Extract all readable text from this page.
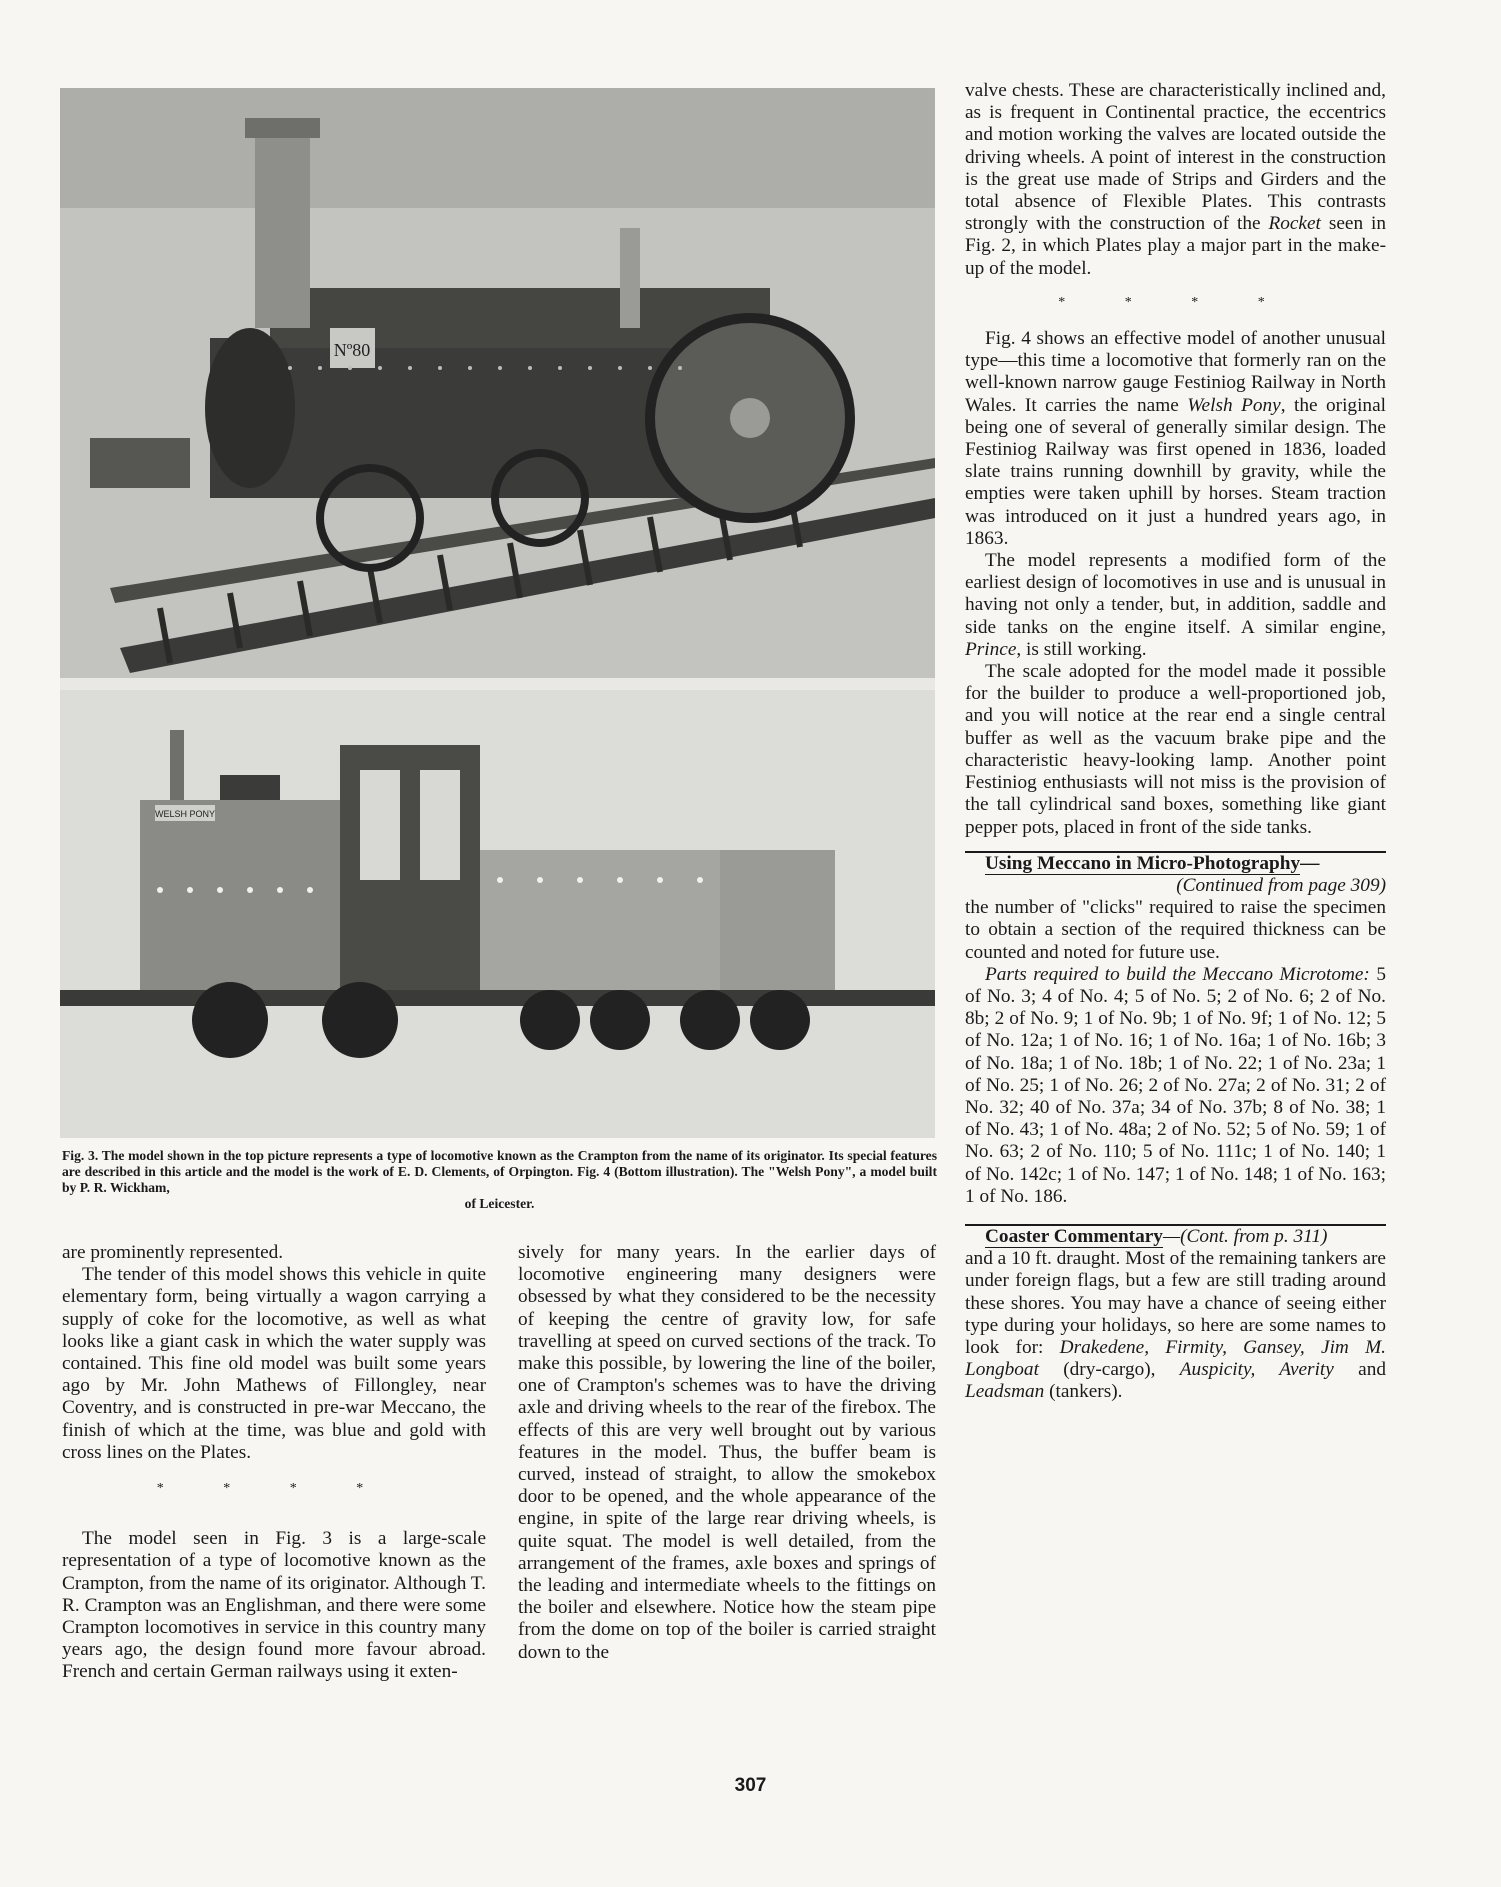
Nº80
WELSH PONY
Fig. 3. The model shown in the top picture represents a type of locomotive known as the Crampton from the name of its originator. Its special features are described in this article and the model is the work of E. D. Clements, of Orpington. Fig. 4 (Bottom illustration). The "Welsh Pony", a model built by P. R. Wickham,
of Leicester.

are prominently represented.

The tender of this model shows this vehicle in quite elementary form, being virtually a wagon carrying a supply of coke for the locomotive, as well as what looks like a giant cask in which the water supply was contained. This fine old model was built some years ago by Mr. John Mathews of Fillongley, near Coventry, and is constructed in pre-war Meccano, the finish of which at the time, was blue and gold with cross lines on the Plates.

* * * *

The model seen in Fig. 3 is a large-scale representation of a type of locomotive known as the Crampton, from the name of its originator. Although T. R. Crampton was an Englishman, and there were some Crampton locomotives in service in this country many years ago, the design found more favour abroad. French and certain German railways using it exten-

sively for many years. In the earlier days of locomotive engineering many designers were obsessed by what they considered to be the necessity of keeping the centre of gravity low, for safe travelling at speed on curved sections of the track. To make this possible, by lowering the line of the boiler, one of Crampton's schemes was to have the driving axle and driving wheels to the rear of the firebox. The effects of this are very well brought out by various features in the model. Thus, the buffer beam is curved, instead of straight, to allow the smokebox door to be opened, and the whole appearance of the engine, in spite of the large rear driving wheels, is quite squat. The model is well detailed, from the arrangement of the frames, axle boxes and springs of the leading and intermediate wheels to the fittings on the boiler and elsewhere. Notice how the steam pipe from the dome on top of the boiler is carried straight down to the

valve chests. These are characteristically inclined and, as is frequent in Continental practice, the eccentrics and motion working the valves are located outside the driving wheels. A point of interest in the construction is the great use made of Strips and Girders and the total absence of Flexible Plates. This contrasts strongly with the construction of the Rocket seen in Fig. 2, in which Plates play a major part in the make-up of the model.

* * * *

Fig. 4 shows an effective model of another unusual type—this time a locomotive that formerly ran on the well-known narrow gauge Festiniog Railway in North Wales. It carries the name Welsh Pony, the original being one of several of generally similar design. The Festiniog Railway was first opened in 1836, loaded slate trains running downhill by gravity, while the empties were taken uphill by horses. Steam traction was introduced on it just a hundred years ago, in 1863.

The model represents a modified form of the earliest design of locomotives in use and is unusual in having not only a tender, but, in addition, saddle and side tanks on the engine itself. A similar engine, Prince, is still working.

The scale adopted for the model made it possible for the builder to produce a well-proportioned job, and you will notice at the rear end a single central buffer as well as the vacuum brake pipe and the characteristic heavy-looking lamp. Another point Festiniog enthusiasts will not miss is the provision of the tall cylindrical sand boxes, something like giant pepper pots, placed in front of the side tanks.

Using Meccano in Micro-Photography—

(Continued from page 309)

the number of "clicks" required to raise the specimen to obtain a section of the required thickness can be counted and noted for future use.

Parts required to build the Meccano Microtome: 5 of No. 3; 4 of No. 4; 5 of No. 5; 2 of No. 6; 2 of No. 8b; 2 of No. 9; 1 of No. 9b; 1 of No. 9f; 1 of No. 12; 5 of No. 12a; 1 of No. 16; 1 of No. 16a; 1 of No. 16b; 3 of No. 18a; 1 of No. 18b; 1 of No. 22; 1 of No. 23a; 1 of No. 25; 1 of No. 26; 2 of No. 27a; 2 of No. 31; 2 of No. 32; 40 of No. 37a; 34 of No. 37b; 8 of No. 38; 1 of No. 43; 1 of No. 48a; 2 of No. 52; 5 of No. 59; 1 of No. 63; 2 of No. 110; 5 of No. 111c; 1 of No. 140; 1 of No. 142c; 1 of No. 147; 1 of No. 148; 1 of No. 163; 1 of No. 186.

Coaster Commentary—(Cont. from p. 311)

and a 10 ft. draught. Most of the remaining tankers are under foreign flags, but a few are still trading around these shores. You may have a chance of seeing either type during your holidays, so here are some names to look for: Drakedene, Firmity, Gansey, Jim M. Longboat (dry-cargo), Auspicity, Averity and Leadsman (tankers).

307
